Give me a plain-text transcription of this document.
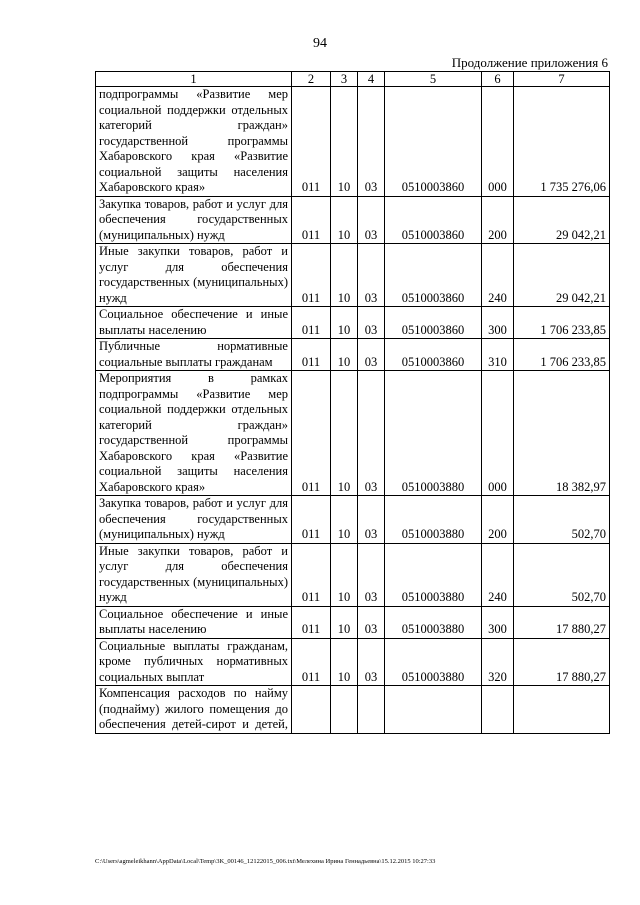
94
Продолжение приложения 6
1	2	3	4	5	6	7
подпрограммы «Развитие мер социальной поддержки отдельных категорий граждан» государственной программы Хабаровского края «Развитие социальной защиты населения Хабаровского края»	011	10	03	0510003860	000	1 735 276,06
Закупка товаров, работ и услуг для обеспечения государственных (муниципальных) нужд	011	10	03	0510003860	200	29 042,21
Иные закупки товаров, работ и услуг для обеспечения государственных (муниципальных) нужд	011	10	03	0510003860	240	29 042,21
Социальное обеспечение и иные выплаты населению	011	10	03	0510003860	300	1 706 233,85
Публичные нормативные социальные выплаты гражданам	011	10	03	0510003860	310	1 706 233,85
Мероприятия в рамках подпрограммы «Развитие мер социальной поддержки отдельных категорий граждан» государственной программы Хабаровского края «Развитие социальной защиты населения Хабаровского края»	011	10	03	0510003880	000	18 382,97
Закупка товаров, работ и услуг для обеспечения государственных (муниципальных) нужд	011	10	03	0510003880	200	502,70
Иные закупки товаров, работ и услуг для обеспечения государственных (муниципальных) нужд	011	10	03	0510003880	240	502,70
Социальное обеспечение и иные выплаты населению	011	10	03	0510003880	300	17 880,27
Социальные выплаты гражданам, кроме публичных нормативных социальных выплат	011	10	03	0510003880	320	17 880,27
Компенсация расходов по найму (поднайму) жилого помещения до обеспечения детей-сирот и детей,						
C:\Users\agmeleikhann\AppData\Local\Temp\3K_00146_12122015_006.txt\Мелехина Ирина Геннадьевна\15.12.2015 10:27:33
